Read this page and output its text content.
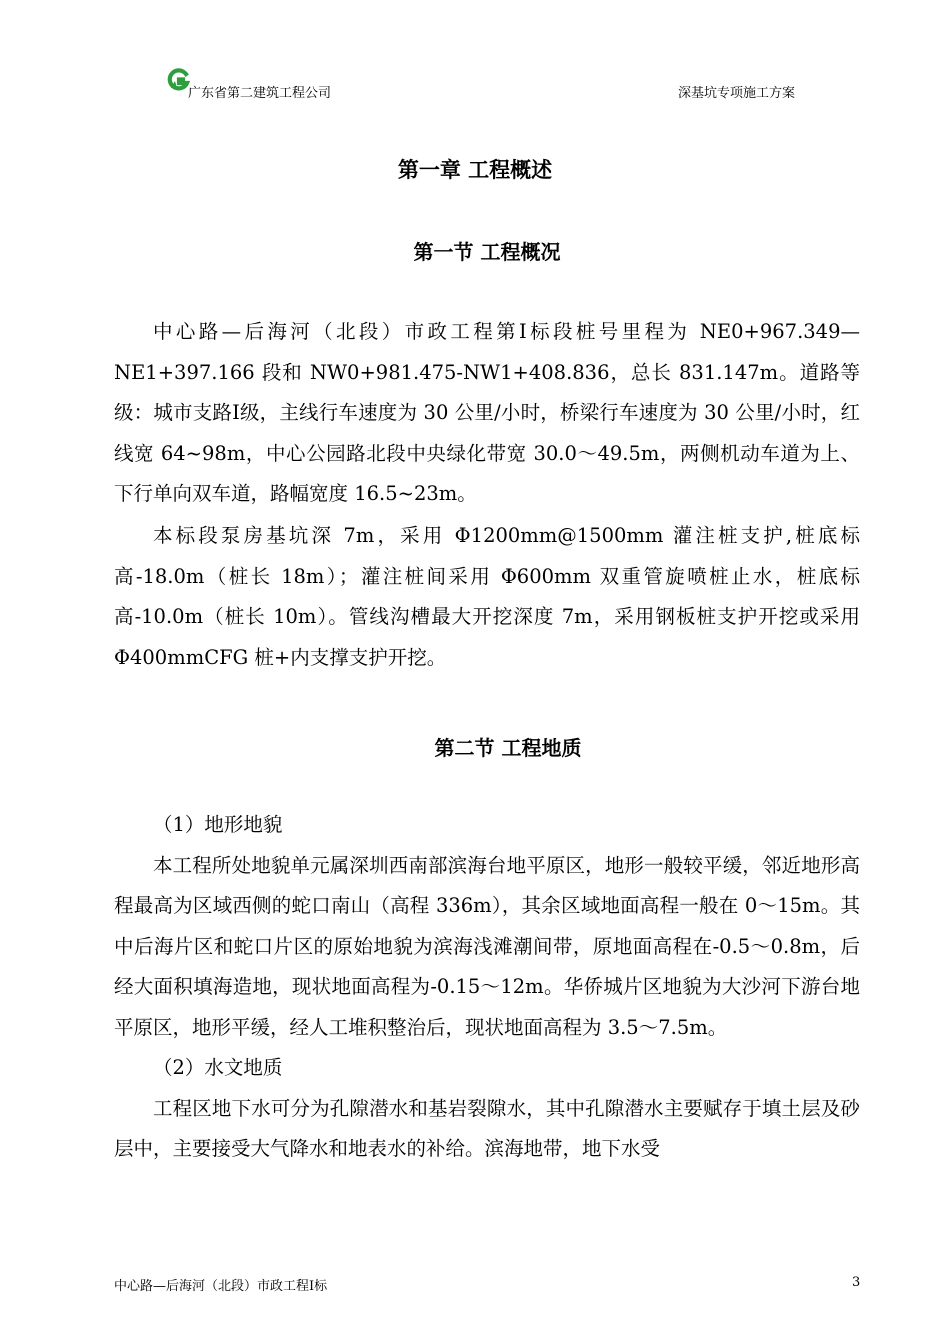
广东省第二建筑工程公司	深基坑专项施工方案
第一章 工程概述
第一节 工程概况

中心路—后海河（北段）市政工程第Ⅰ标段桩号里程为 NE0+967.349—NE1+397.166 段和 NW0+981.475-NW1+408.836，总长 831.147m。道路等级：城市支路Ⅰ级，主线行车速度为 30 公里/小时，桥梁行车速度为 30 公里/小时，红线宽 64~98m，中心公园路北段中央绿化带宽 30.0～49.5m，两侧机动车道为上、下行单向双车道，路幅宽度 16.5~23m。

本标段泵房基坑深 7m，采用 Φ1200mm@1500mm 灌注桩支护,桩底标高-18.0m（桩长 18m）；灌注桩间采用 Φ600mm 双重管旋喷桩止水，桩底标高-10.0m（桩长 10m）。管线沟槽最大开挖深度 7m，采用钢板桩支护开挖或采用 Φ400mmCFG 桩+内支撑支护开挖。

第二节 工程地质

（1）地形地貌

本工程所处地貌单元属深圳西南部滨海台地平原区，地形一般较平缓，邻近地形高程最高为区域西侧的蛇口南山（高程 336m），其余区域地面高程一般在 0～15m。其中后海片区和蛇口片区的原始地貌为滨海浅滩潮间带，原地面高程在-0.5～0.8m，后经大面积填海造地，现状地面高程为-0.15～12m。华侨城片区地貌为大沙河下游台地平原区，地形平缓，经人工堆积整治后，现状地面高程为 3.5～7.5m。

（2）水文地质

工程区地下水可分为孔隙潜水和基岩裂隙水，其中孔隙潜水主要赋存于填土层及砂层中，主要接受大气降水和地表水的补给。滨海地带，地下水受

中心路—后海河（北段）市政工程Ⅰ标	3
